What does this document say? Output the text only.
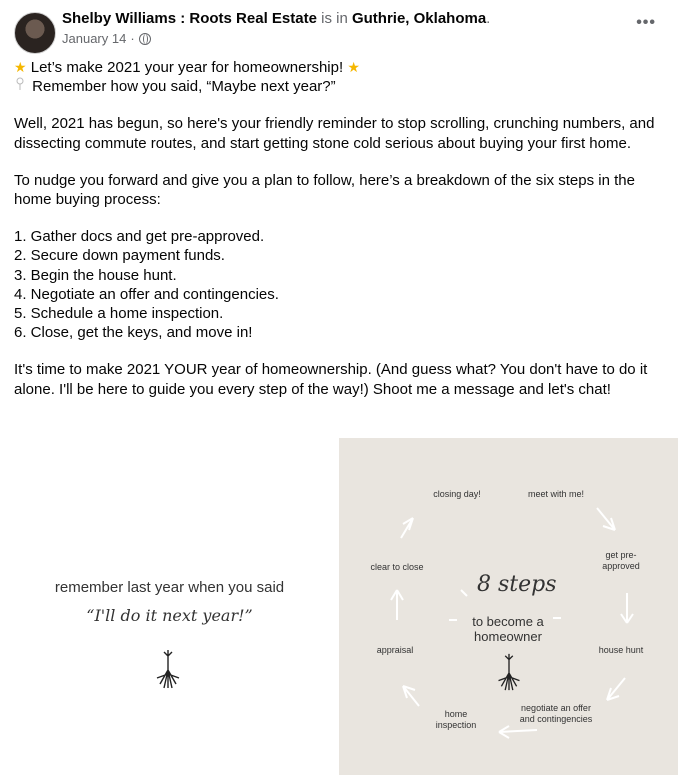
Shelby Williams : Roots Real Estate is in Guthrie, Oklahoma.
January 14 ·
•••

★ Let’s make 2021 your year for homeownership! ★

Remember how you said, “Maybe next year?”

Well, 2021 has begun, so here's your friendly reminder to stop scrolling, crunching numbers, and dissecting commute routes, and start getting stone cold serious about buying your first home.

To nudge you forward and give you a plan to follow, here’s a breakdown of the six steps in the home buying process:

1. Gather docs and get pre-approved.

2. Secure down payment funds.

3. Begin the house hunt.

4. Negotiate an offer and contingencies.

5. Schedule a home inspection.

6. Close, get the keys, and move in!

It's time to make 2021 YOUR year of homeownership. (And guess what? You don't have to do it alone. I'll be here to guide you every step of the way!) Shoot me a message and let's chat!

remember last year when you said
“I'll do it next year!”
closing day!	meet with me!
get pre- approved
house hunt
negotiate an offer and contingencies
home inspection
appraisal
clear to close
8 steps
to become a homeowner
